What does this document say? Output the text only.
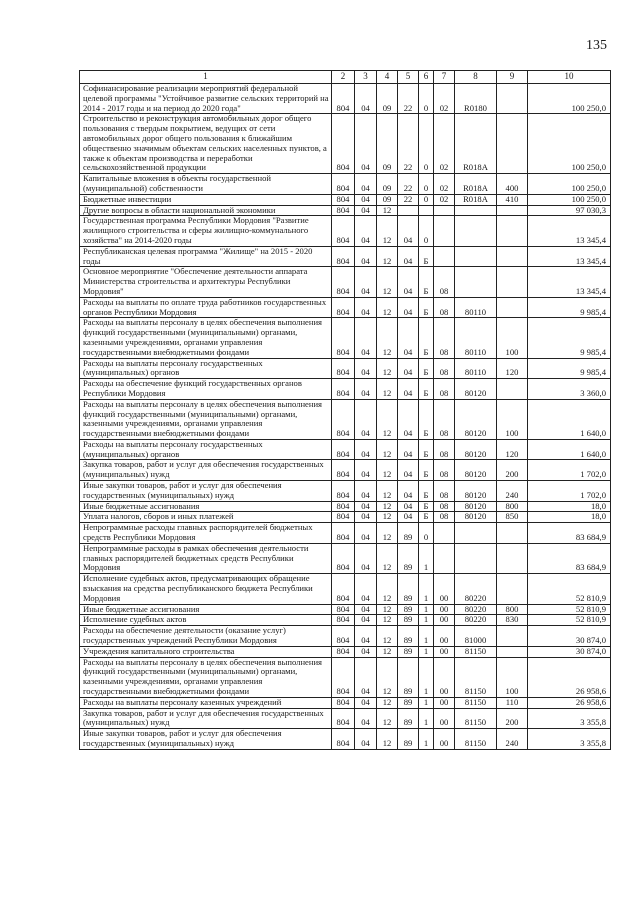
135
1	2	3	4	5	6	7	8	9	10
Софинансирование реализации мероприятий федеральной целевой программы "Устойчивое развитие сельских территорий на 2014 - 2017 годы и на период до 2020 года"	804	04	09	22	0	02	R0180		100 250,0
Строительство и реконструкция автомобильных дорог общего пользования с твердым покрытием, ведущих от сети автомобильных дорог общего пользования к ближайшим общественно значимым объектам сельских населенных пунктов, а также к объектам производства и переработки сельскохозяйственной продукции	804	04	09	22	0	02	R018A		100 250,0
Капитальные вложения в объекты государственной (муниципальной) собственности	804	04	09	22	0	02	R018A	400	100 250,0
Бюджетные инвестиции	804	04	09	22	0	02	R018A	410	100 250,0
Другие вопросы в области национальной экономики	804	04	12						97 030,3
Государственная программа Республики Мордовия "Развитие жилищного строительства и сферы жилищно-коммунального хозяйства" на 2014-2020 годы	804	04	12	04	0				13 345,4
Республиканская целевая программа "Жилище" на 2015 - 2020 годы	804	04	12	04	Б				13 345,4
Основное мероприятие "Обеспечение деятельности аппарата Министерства строительства и архитектуры Республики Мордовия"	804	04	12	04	Б	08			13 345,4
Расходы на выплаты по оплате труда работников государственных органов Республики Мордовия	804	04	12	04	Б	08	80110		9 985,4
Расходы на выплаты персоналу в целях обеспечения выполнения функций государственными (муниципальными) органами, казенными учреждениями, органами управления государственными внебюджетными фондами	804	04	12	04	Б	08	80110	100	9 985,4
Расходы на выплаты персоналу государственных (муниципальных) органов	804	04	12	04	Б	08	80110	120	9 985,4
Расходы на обеспечение функций государственных органов Республики Мордовия	804	04	12	04	Б	08	80120		3 360,0
Расходы на выплаты персоналу в целях обеспечения выполнения функций государственными (муниципальными) органами, казенными учреждениями, органами управления государственными внебюджетными фондами	804	04	12	04	Б	08	80120	100	1 640,0
Расходы на выплаты персоналу государственных (муниципальных) органов	804	04	12	04	Б	08	80120	120	1 640,0
Закупка товаров, работ и услуг для обеспечения государственных (муниципальных) нужд	804	04	12	04	Б	08	80120	200	1 702,0
Иные закупки товаров, работ и услуг для обеспечения государственных (муниципальных) нужд	804	04	12	04	Б	08	80120	240	1 702,0
Иные бюджетные ассигнования	804	04	12	04	Б	08	80120	800	18,0
Уплата налогов, сборов и иных платежей	804	04	12	04	Б	08	80120	850	18,0
Непрограммные расходы главных распорядителей бюджетных средств Республики Мордовия	804	04	12	89	0				83 684,9
Непрограммные расходы в рамках обеспечения деятельности главных распорядителей бюджетных средств Республики Мордовия	804	04	12	89	1				83 684,9
Исполнение судебных актов, предусматривающих обращение взыскания на средства республиканского бюджета Республики Мордовия	804	04	12	89	1	00	80220		52 810,9
Иные бюджетные ассигнования	804	04	12	89	1	00	80220	800	52 810,9
Исполнение судебных актов	804	04	12	89	1	00	80220	830	52 810,9
Расходы на обеспечение деятельности (оказание услуг) государственных учреждений Республики Мордовия	804	04	12	89	1	00	81000		30 874,0
Учреждения капитального строительства	804	04	12	89	1	00	81150		30 874,0
Расходы на выплаты персоналу в целях обеспечения выполнения функций государственными (муниципальными) органами, казенными учреждениями, органами управления государственными внебюджетными фондами	804	04	12	89	1	00	81150	100	26 958,6
Расходы на выплаты персоналу казенных учреждений	804	04	12	89	1	00	81150	110	26 958,6
Закупка товаров, работ и услуг для обеспечения государственных (муниципальных) нужд	804	04	12	89	1	00	81150	200	3 355,8
Иные закупки товаров, работ и услуг для обеспечения государственных (муниципальных) нужд	804	04	12	89	1	00	81150	240	3 355,8
